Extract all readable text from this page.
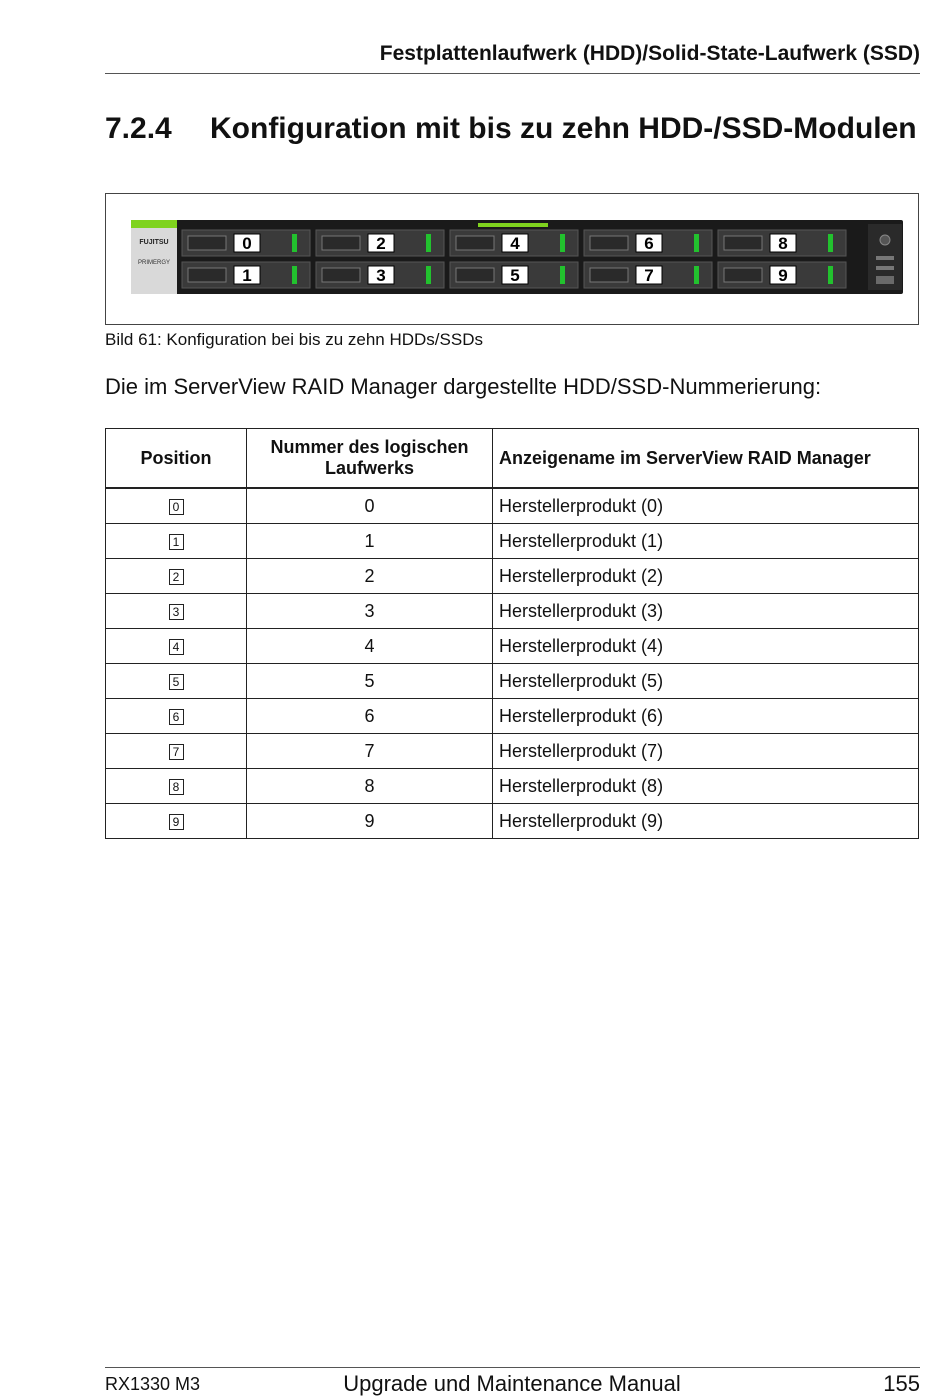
Festplattenlaufwerk (HDD)/Solid-State-Laufwerk (SSD)
7.2.4 Konfiguration mit bis zu zehn HDD-/SSD-Modulen
FUJITSU
PRIMERGY
0
1
2
3
4
5
6
7
8
9
Bild 61: Konfiguration bei bis zu zehn HDDs/SSDs
Die im ServerView RAID Manager dargestellte HDD/SSD-Nummerierung:
Position	Nummer des logischen Laufwerks	Anzeigename im ServerView RAID Manager
0	0	Herstellerprodukt (0)
1	1	Herstellerprodukt (1)
2	2	Herstellerprodukt (2)
3	3	Herstellerprodukt (3)
4	4	Herstellerprodukt (4)
5	5	Herstellerprodukt (5)
6	6	Herstellerprodukt (6)
7	7	Herstellerprodukt (7)
8	8	Herstellerprodukt (8)
9	9	Herstellerprodukt (9)
RX1330 M3	Upgrade und Maintenance Manual	155
